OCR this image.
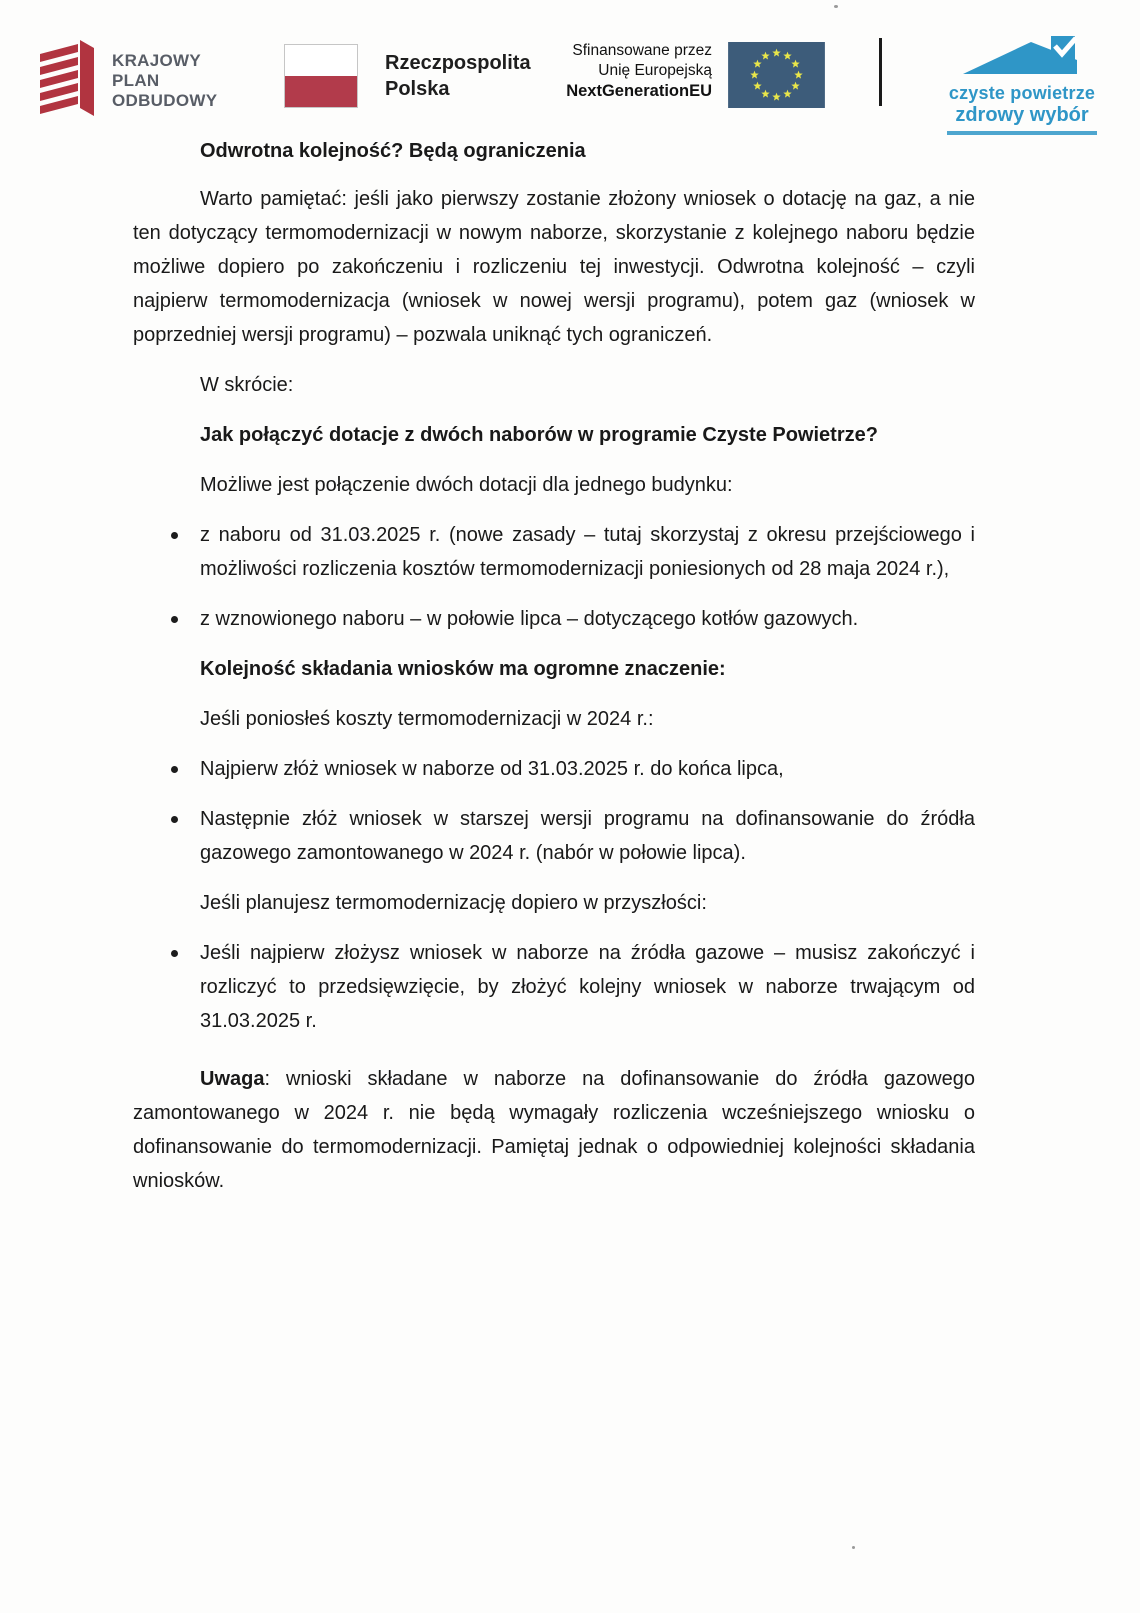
KRAJOWY
PLAN
ODBUDOWY
Rzeczpospolita
Polska
Sfinansowane przez
Unię Europejską
NextGenerationEU	czyste powietrze
zdrowy wybór
Odwrotna kolejność? Będą ograniczenia

Warto pamiętać: jeśli jako pierwszy zostanie złożony wniosek o dotację na gaz, a nie ten dotyczący termomodernizacji w nowym naborze, skorzystanie z kolejnego naboru będzie możliwe dopiero po zakończeniu i rozliczeniu tej inwestycji. Odwrotna kolejność – czyli najpierw termomodernizacja (wniosek w nowej wersji programu), potem gaz (wniosek w poprzedniej wersji programu) – pozwala uniknąć tych ograniczeń.

W skrócie:
Jak połączyć dotacje z dwóch naborów w programie Czyste Powietrze?
Możliwe jest połączenie dwóch dotacji dla jednego budynku:
z naboru od 31.03.2025 r. (nowe zasady – tutaj skorzystaj z okresu przejściowego i możliwości rozliczenia kosztów termomodernizacji poniesionych od 28 maja 2024 r.),
z wznowionego naboru – w połowie lipca – dotyczącego kotłów gazowych.
Kolejność składania wniosków ma ogromne znaczenie:
Jeśli poniosłeś koszty termomodernizacji w 2024 r.:
Najpierw złóż wniosek w naborze od 31.03.2025 r. do końca lipca,
Następnie złóż wniosek w starszej wersji programu na dofinansowanie do źródła gazowego zamontowanego w 2024 r. (nabór w połowie lipca).
Jeśli planujesz termomodernizację dopiero w przyszłości:
Jeśli najpierw złożysz wniosek w naborze na źródła gazowe – musisz zakończyć i rozliczyć to przedsięwzięcie, by złożyć kolejny wniosek w naborze trwającym od 31.03.2025 r.

Uwaga: wnioski składane w naborze na dofinansowanie do źródła gazowego zamontowanego w 2024 r. nie będą wymagały rozliczenia wcześniejszego wniosku o dofinansowanie do termomodernizacji. Pamiętaj jednak o odpowiedniej kolejności składania wniosków.
